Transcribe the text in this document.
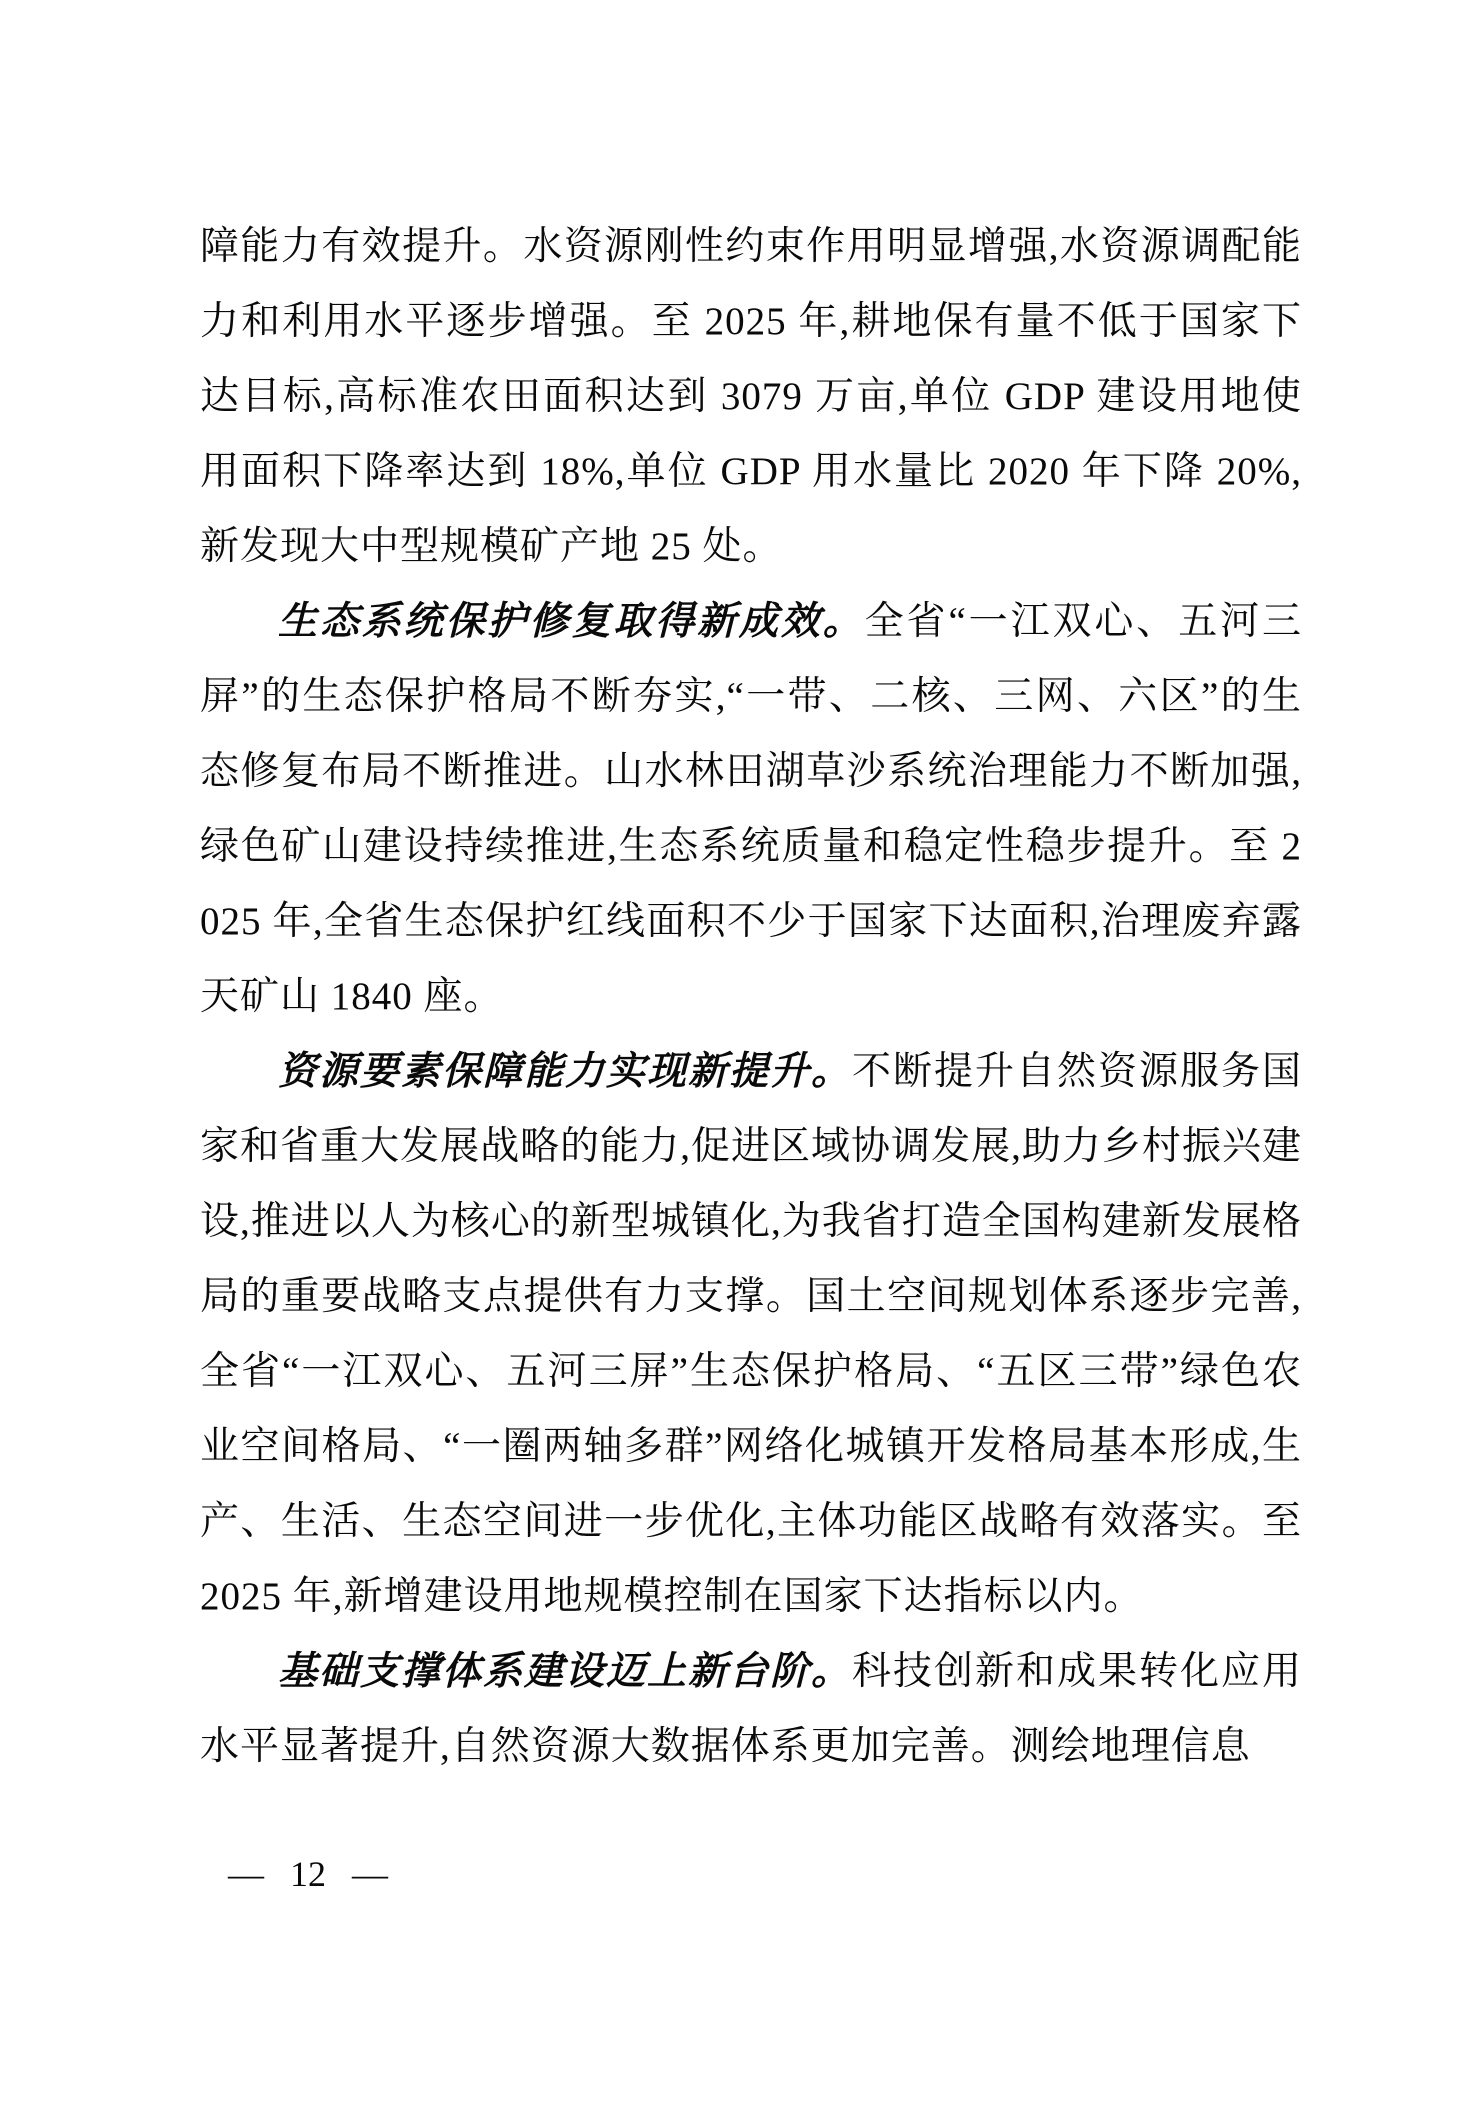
障能力有效提升。水资源刚性约束作用明显增强,水资源调配能力和利用水平逐步增强。至 2025 年,耕地保有量不低于国家下达目标,高标准农田面积达到 3079 万亩,单位 GDP 建设用地使用面积下降率达到 18%,单位 GDP 用水量比 2020 年下降 20%,新发现大中型规模矿产地 25 处。

生态系统保护修复取得新成效。全省“一江双心、五河三屏”的生态保护格局不断夯实,“一带、二核、三网、六区”的生态修复布局不断推进。山水林田湖草沙系统治理能力不断加强,绿色矿山建设持续推进,生态系统质量和稳定性稳步提升。至 2025 年,全省生态保护红线面积不少于国家下达面积,治理废弃露天矿山 1840 座。

资源要素保障能力实现新提升。不断提升自然资源服务国家和省重大发展战略的能力,促进区域协调发展,助力乡村振兴建设,推进以人为核心的新型城镇化,为我省打造全国构建新发展格局的重要战略支点提供有力支撑。国土空间规划体系逐步完善,全省“一江双心、五河三屏”生态保护格局、“五区三带”绿色农业空间格局、“一圈两轴多群”网络化城镇开发格局基本形成,生产、生活、生态空间进一步优化,主体功能区战略有效落实。至 2025 年,新增建设用地规模控制在国家下达指标以内。

基础支撑体系建设迈上新台阶。科技创新和成果转化应用水平显著提升,自然资源大数据体系更加完善。测绘地理信息

— 12 —
